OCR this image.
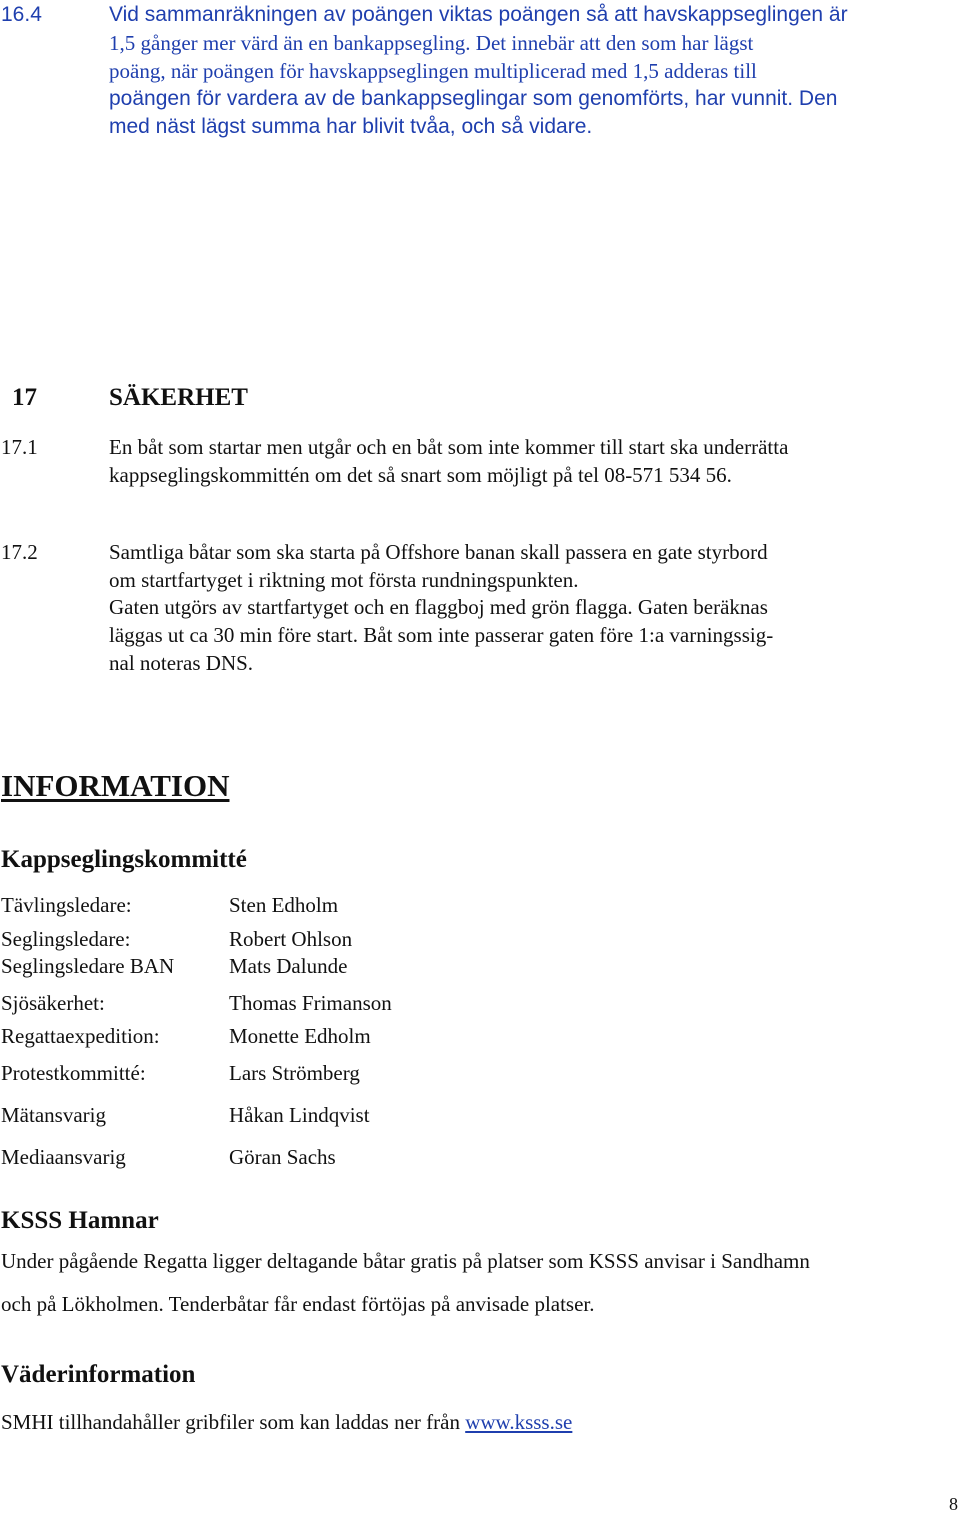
16.4	Vid sammanräkningen av poängen viktas poängen så att havskappseglingen är
1,5 gånger mer värd än en bankappsegling. Det innebär att den som har lägst
poäng, när poängen för havskappseglingen multiplicerad med 1,5 adderas till
poängen för vardera av de bankappseglingar som genomförts, har vunnit. Den
med näst lägst summa har blivit tvåa, och så vidare.
17	SÄKERHET
17.1	En båt som startar men utgår och en båt som inte kommer till start ska underrätta
kappseglingskommittén om det så snart som möjligt på tel 08-571 534 56.
17.2	Samtliga båtar som ska starta på Offshore banan skall passera en gate styrbord
om startfartyget i riktning mot första rundningspunkten.
Gaten utgörs av startfartyget och en flaggboj med grön flagga. Gaten beräknas
läggas ut ca 30 min före start. Båt som inte passerar gaten före 1:a varningssig-
nal noteras DNS.
INFORMATION
Kappseglingskommitté
Tävlingsledare:	Sten Edholm
Seglingsledare:	Robert Ohlson
Seglingsledare BAN	Mats Dalunde
Sjösäkerhet:	Thomas Frimanson
Regattaexpedition:	Monette Edholm
Protestkommitté:	Lars Strömberg
Mätansvarig	Håkan Lindqvist
Mediaansvarig	Göran Sachs
KSSS Hamnar
Under pågående Regatta ligger deltagande båtar gratis på platser som KSSS anvisar i Sandhamn
och på Lökholmen. Tenderbåtar får endast förtöjas på anvisade platser.
Väderinformation
SMHI tillhandahåller gribfiler som kan laddas ner från www.ksss.se
8
